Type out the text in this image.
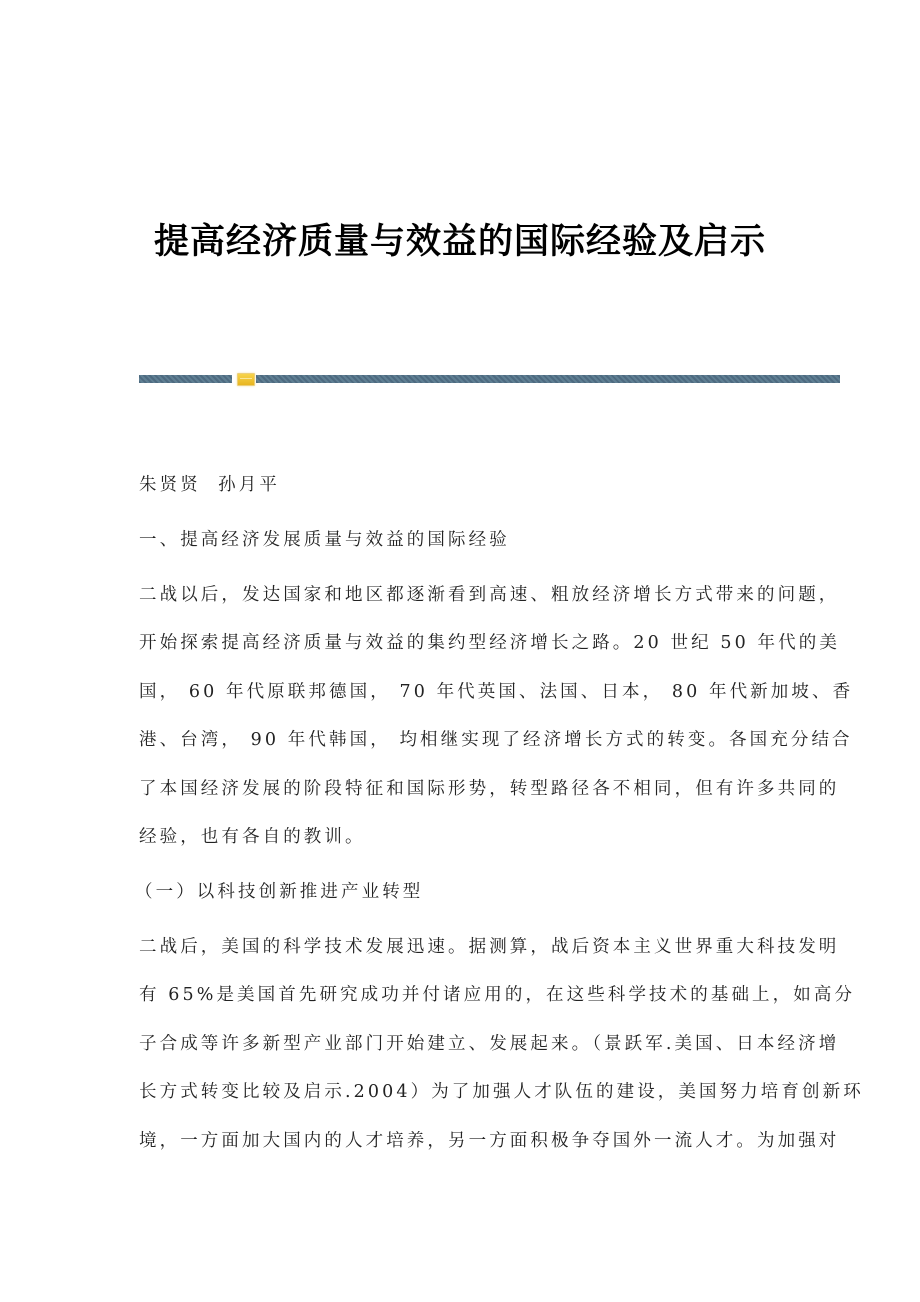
提高经济质量与效益的国际经验及启示
朱贤贤  孙月平
一、提高经济发展质量与效益的国际经验
二战以后，发达国家和地区都逐渐看到高速、粗放经济增长方式带来的问题，
开始探索提高经济质量与效益的集约型经济增长之路。20 世纪 50 年代的美
国， 60 年代原联邦德国， 70 年代英国、法国、日本， 80 年代新加坡、香
港、台湾， 90 年代韩国， 均相继实现了经济增长方式的转变。各国充分结合
了本国经济发展的阶段特征和国际形势，转型路径各不相同，但有许多共同的
经验，也有各自的教训。
（一）以科技创新推进产业转型
二战后，美国的科学技术发展迅速。据测算，战后资本主义世界重大科技发明
有 65%是美国首先研究成功并付诸应用的，在这些科学技术的基础上，如高分
子合成等许多新型产业部门开始建立、发展起来。（景跃军.美国、日本经济增
长方式转变比较及启示.2004）为了加强人才队伍的建设，美国努力培育创新环
境，一方面加大国内的人才培养，另一方面积极争夺国外一流人才。为加强对
